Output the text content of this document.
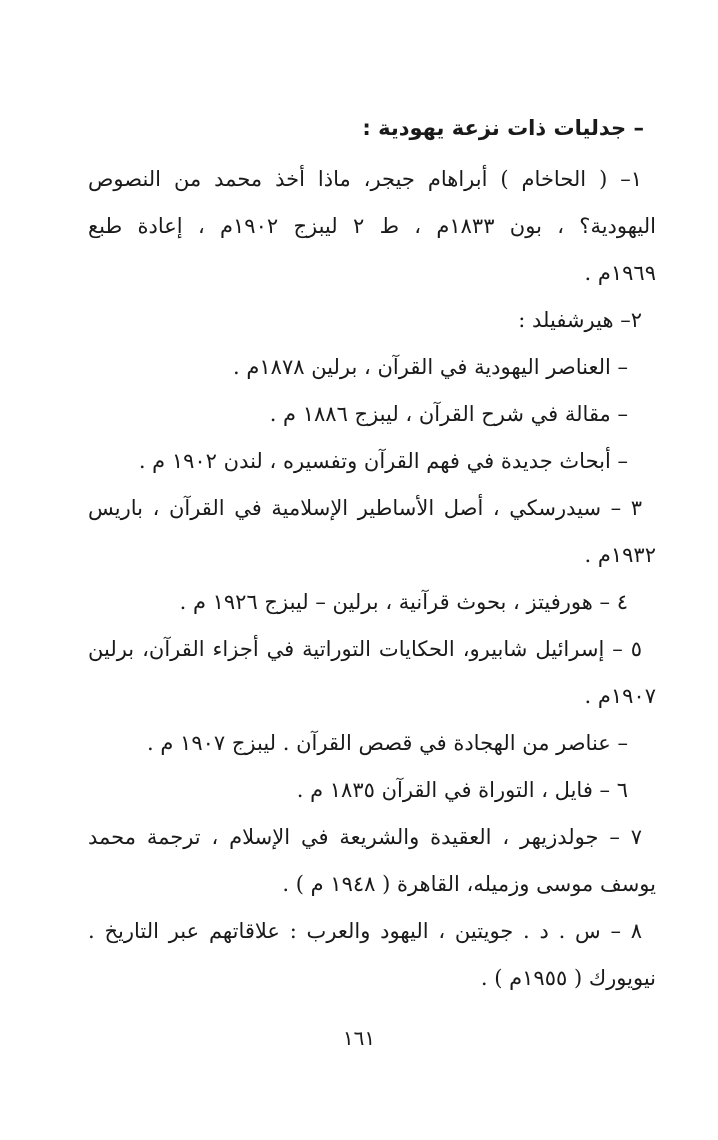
– جدليات ذات نزعة يهودية :
١– ( الحاخام ) أبراهام جيجر، ماذا أخذ محمد من النصوص
اليهودية؟ ، بون ١٨٣٣م ، ط ٢ ليبزج ١٩٠٢م ، إعادة طبع
١٩٦٩م .
٢– هيرشفيلد :
– العناصر اليهودية في القرآن ، برلين ١٨٧٨م .
– مقالة في شرح القرآن ، ليبزج ١٨٨٦ م .
– أبحاث جديدة في فهم القرآن وتفسيره ، لندن ١٩٠٢ م .
٣ – سيدرسكي ، أصل الأساطير الإسلامية في القرآن ، باريس
١٩٣٢م .
٤ – هورفيتز ، بحوث قرآنية ، برلين – ليبزج ١٩٢٦ م .
٥ – إسرائيل شابيرو، الحكايات التوراتية في أجزاء القرآن، برلين
١٩٠٧م .
– عناصر من الهجادة في قصص القرآن . ليبزج ١٩٠٧ م .
٦ – فايل ، التوراة في القرآن ١٨٣٥ م .
٧ – جولدزيهر ، العقيدة والشريعة في الإسلام ، ترجمة محمد
يوسف موسى وزميله، القاهرة ( ١٩٤٨ م ) .
٨ – س . د . جويتين ، اليهود والعرب : علاقاتهم عبر التاريخ .
نيويورك ( ١٩٥٥م ) .
١٦١
